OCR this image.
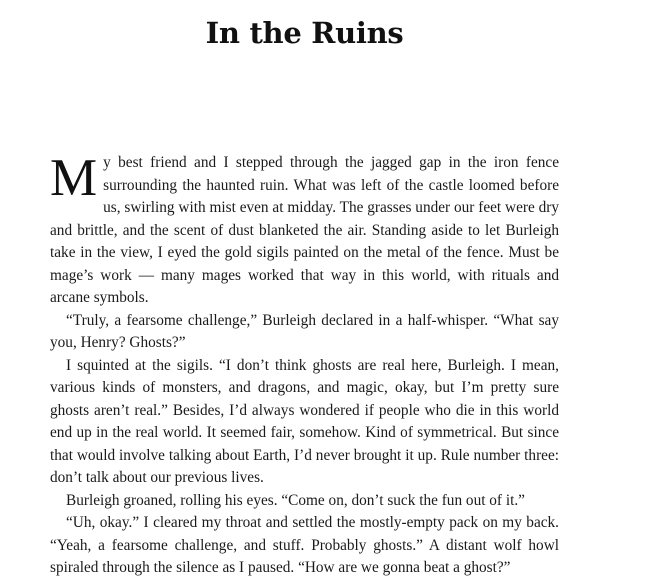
In the Ruins

My best friend and I stepped through the jagged gap in the iron fence surrounding the haunted ruin. What was left of the castle loomed before us, swirling with mist even at midday. The grasses under our feet were dry and brittle, and the scent of dust blanketed the air. Standing aside to let Burleigh take in the view, I eyed the gold sigils painted on the metal of the fence. Must be mage’s work — many mages worked that way in this world, with rituals and arcane symbols.

“Truly, a fearsome challenge,” Burleigh declared in a half-whisper. “What say you, Henry? Ghosts?”

I squinted at the sigils. “I don’t think ghosts are real here, Burleigh. I mean, various kinds of monsters, and dragons, and magic, okay, but I’m pretty sure ghosts aren’t real.” Besides, I’d always wondered if people who die in this world end up in the real world. It seemed fair, somehow. Kind of symmetrical. But since that would involve talking about Earth, I’d never brought it up. Rule number three: don’t talk about our previous lives.

Burleigh groaned, rolling his eyes. “Come on, don’t suck the fun out of it.”

“Uh, okay.” I cleared my throat and settled the mostly-empty pack on my back. “Yeah, a fearsome challenge, and stuff. Probably ghosts.” A distant wolf howl spiraled through the silence as I paused. “How are we gonna beat a ghost?”
